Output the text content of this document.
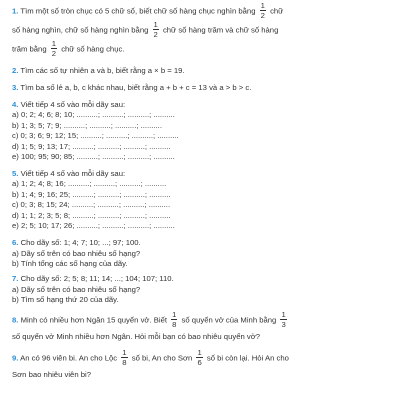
1. Tìm một số tròn chục có 5 chữ số, biết chữ số hàng chục nghìn bằng $\frac{1}{2}$ chữ
số hàng nghìn, chữ số hàng nghìn bằng $\frac{1}{2}$ chữ số hàng trăm và chữ số hàng
trăm bằng $\frac{1}{2}$ chữ số hàng chục.
2. Tìm các số tự nhiên a và b, biết rằng a × b = 19.
3. Tìm ba số lẻ a, b, c khác nhau, biết rằng a + b + c = 13 và a > b > c.
4. Viết tiếp 4 số vào mỗi dãy sau:
a) 0; 2; 4; 6; 8; 10; ..........; ..........; ..........; ..........
b) 1; 3; 5; 7; 9; ..........; ..........; ..........; ..........
c) 0; 3; 6; 9; 12; 15; ..........; ..........; ..........; ..........
d) 1; 5; 9; 13; 17; ..........; ..........; ..........; ..........
e) 100; 95; 90; 85; ..........; ..........; ..........; ..........
5. Viết tiếp 4 số vào mỗi dãy sau:
a) 1; 2; 4; 8; 16; ..........; ..........; ..........; ..........
b) 1; 4; 9; 16; 25; ..........; ..........; ..........; ..........
c) 0; 3; 8; 15; 24; ..........; ..........; ..........; ..........
d) 1; 1; 2; 3; 5; 8; ..........; ..........; ..........; ..........
e) 2; 5; 10; 17; 26; ..........; ..........; ..........; ..........
6. Cho dãy số: 1; 4; 7; 10; ...; 97; 100.
a) Dãy số trên có bao nhiêu số hạng?
b) Tính tổng các số hạng của dãy.
7. Cho dãy số: 2; 5; 8; 11; 14; ...; 104; 107; 110.
a) Dãy số trên có bao nhiêu số hạng?
b) Tìm số hạng thứ 20 của dãy.
8. Minh có nhiều hơn Ngân 15 quyển vở. Biết $\frac{1}{8}$ số quyển vở của Minh bằng $\frac{1}{3}$
số quyển vở Minh nhiều hơn Ngân. Hỏi mỗi bạn có bao nhiêu quyển vở?
9. An có 96 viên bi. An cho Lộc $\frac{1}{8}$ số bi, An cho Sơn $\frac{1}{6}$ số bi còn lại. Hỏi An cho
Sơn bao nhiêu viên bi?
